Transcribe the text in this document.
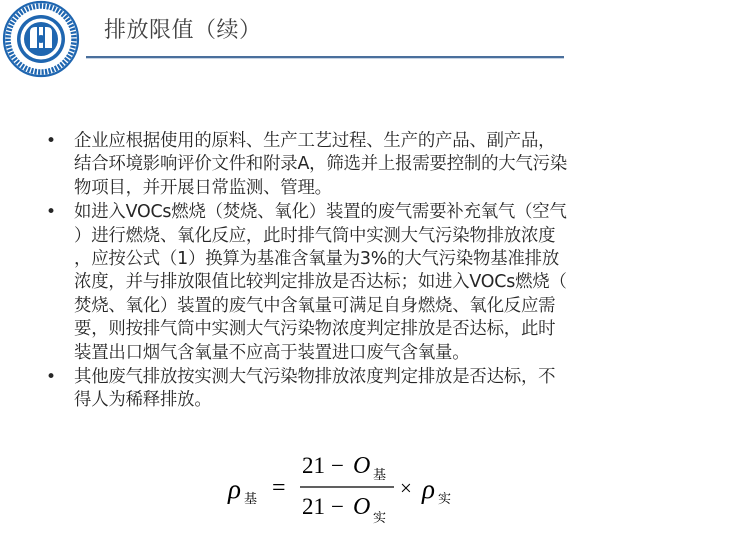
排放限值（续）
• 企业应根据使用的原料、生产工艺过程、生产的产品、副产品，
结合环境影响评价文件和附录A，筛选并上报需要控制的大气污染
物项目，并开展日常监测、管理。
• 如进入VOCs燃烧（焚烧、氧化）装置的废气需要补充氧气（空气
）进行燃烧、氧化反应，此时排气筒中实测大气污染物排放浓度
，应按公式（1）换算为基准含氧量为3%的大气污染物基准排放
浓度，并与排放限值比较判定排放是否达标；如进入VOCs燃烧（
焚烧、氧化）装置的废气中含氧量可满足自身燃烧、氧化反应需
要，则按排气筒中实测大气污染物浓度判定排放是否达标，此时
装置出口烟气含氧量不应高于装置进口废气含氧量。
• 其他废气排放按实测大气污染物排放浓度判定排放是否达标，不
得人为稀释排放。
ρ 基 =
21 − O 基
21 − O 实
× ρ 实
